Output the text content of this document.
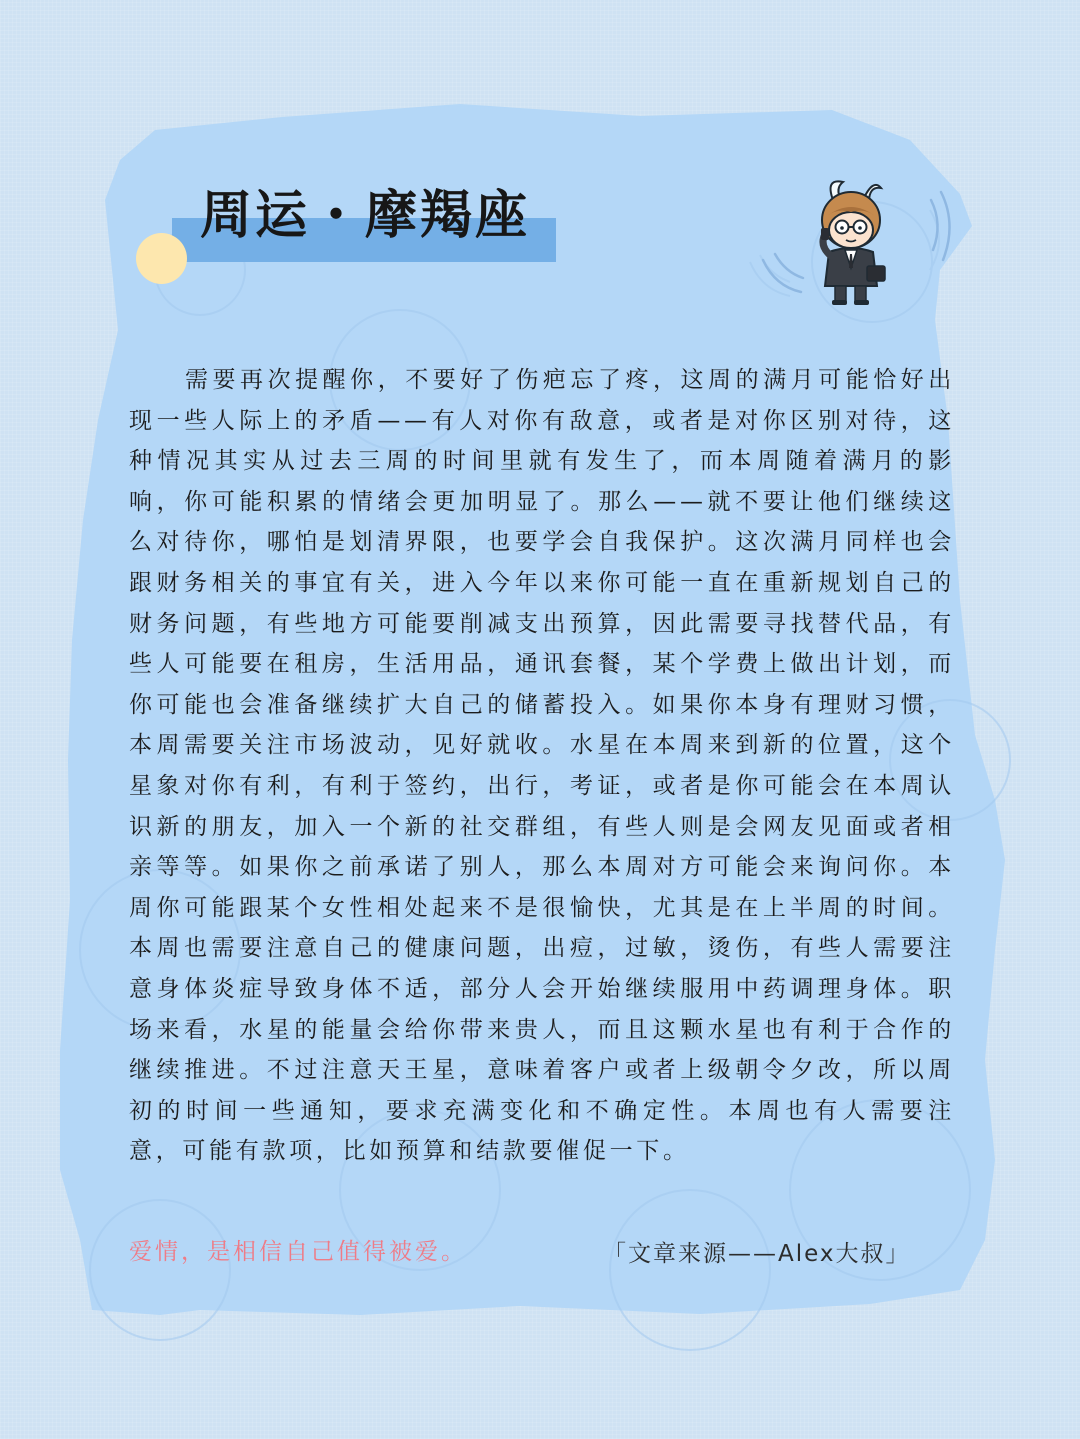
周运・摩羯座

需要再次提醒你，不要好了伤疤忘了疼，这周的满月可能恰好出现一些人际上的矛盾——有人对你有敌意，或者是对你区别对待，这种情况其实从过去三周的时间里就有发生了，而本周随着满月的影响，你可能积累的情绪会更加明显了。那么——就不要让他们继续这么对待你，哪怕是划清界限，也要学会自我保护。这次满月同样也会跟财务相关的事宜有关，进入今年以来你可能一直在重新规划自己的财务问题，有些地方可能要削减支出预算，因此需要寻找替代品，有些人可能要在租房，生活用品，通讯套餐，某个学费上做出计划，而你可能也会准备继续扩大自己的储蓄投入。如果你本身有理财习惯，本周需要关注市场波动，见好就收。水星在本周来到新的位置，这个星象对你有利，有利于签约，出行，考证，或者是你可能会在本周认识新的朋友，加入一个新的社交群组，有些人则是会网友见面或者相亲等等。如果你之前承诺了别人，那么本周对方可能会来询问你。本周你可能跟某个女性相处起来不是很愉快，尤其是在上半周的时间。本周也需要注意自己的健康问题，出痘，过敏，烫伤，有些人需要注意身体炎症导致身体不适，部分人会开始继续服用中药调理身体。职场来看，水星的能量会给你带来贵人，而且这颗水星也有利于合作的继续推进。不过注意天王星，意味着客户或者上级朝令夕改，所以周初的时间一些通知，要求充满变化和不确定性。本周也有人需要注意，可能有款项，比如预算和结款要催促一下。

爱情，是相信自己值得被爱。	「文章来源——Alex大叔」
